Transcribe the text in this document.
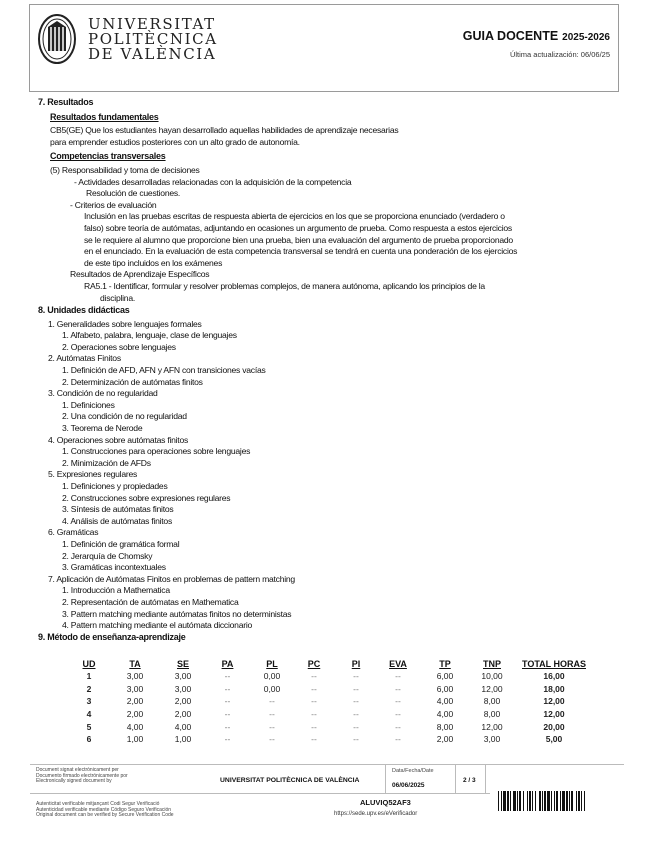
UNIVERSITAT
POLITÈCNICA
DE VALÈNCIA
GUIA DOCENTE 2025-2026
Última actualización: 06/06/25
7. Resultados
Resultados fundamentales
CB5(GE) Que los estudiantes hayan desarrollado aquellas habilidades de aprendizaje necesarias
para emprender estudios posteriores con un alto grado de autonomía.
Competencias transversales
(5) Responsabilidad y toma de decisiones
- Actividades desarrolladas relacionadas con la adquisición de la competencia
Resolución de cuestiones.
- Criterios de evaluación
Inclusión en las pruebas escritas de respuesta abierta de ejercicios en los que se proporciona enunciado (verdadero o
falso) sobre teoría de autómatas, adjuntando en ocasiones un argumento de prueba. Como respuesta a estos ejercicios
se le requiere al alumno que proporcione bien una prueba, bien una evaluación del argumento de prueba proporcionado
en el enunciado. En la evaluación de esta competencia transversal se tendrá en cuenta una ponderación de los ejercicios
de este tipo incluidos en los exámenes
Resultados de Aprendizaje Específicos
RA5.1 - Identificar, formular y resolver problemas complejos, de manera autónoma, aplicando los principios de la
disciplina.
8. Unidades didácticas
1. Generalidades sobre lenguajes formales
1. Alfabeto, palabra, lenguaje, clase de lenguajes
2. Operaciones sobre lenguajes
2. Autómatas Finitos
1. Definición de AFD, AFN y AFN con transiciones vacías
2. Determinización de autómatas finitos
3. Condición de no regularidad
1. Definiciones
2. Una condición de no regularidad
3. Teorema de Nerode
4. Operaciones sobre autómatas finitos
1. Construcciones para operaciones sobre lenguajes
2. Minimización de AFDs
5. Expresiones regulares
1. Definiciones y propiedades
2. Construcciones sobre expresiones regulares
3. Síntesis de autómatas finitos
4. Análisis de autómatas finitos
6. Gramáticas
1. Definición de gramática formal
2. Jerarquía de Chomsky
3. Gramáticas incontextuales
7. Aplicación de Autómatas Finitos en problemas de pattern matching
1. Introducción a Mathematica
2. Representación de autómatas en Mathematica
3. Pattern matching mediante autómatas finitos no deterministas
4. Pattern matching mediante el autómata diccionario
9. Método de enseñanza-aprendizaje
UD	TA	SE	PA	PL	PC	PI	EVA	TP	TNP	TOTAL HORAS
1	3,00	3,00	--	0,00	--	--	--	6,00	10,00	16,00
2	3,00	3,00	--	0,00	--	--	--	6,00	12,00	18,00
3	2,00	2,00	--	--	--	--	--	4,00	8,00	12,00
4	2,00	2,00	--	--	--	--	--	4,00	8,00	12,00
5	4,00	4,00	--	--	--	--	--	8,00	12,00	20,00
6	1,00	1,00	--	--	--	--	--	2,00	3,00	5,00
Document signat electrònicament per
Documento firmado electrónicamente por
Electronically signed document by	UNIVERSITAT POLITÈCNICA DE VALÈNCIA
Data/Fecha/Date
06/06/2025
2 / 3
Autenticitat verificable mitjançant Codi Segur Verificació
Autenticidad verificable mediante Código Seguro Verificación
Original document can be verified by Secure Verification Code
ALUVIQ52AF3
https://sede.upv.es/eVerificador
